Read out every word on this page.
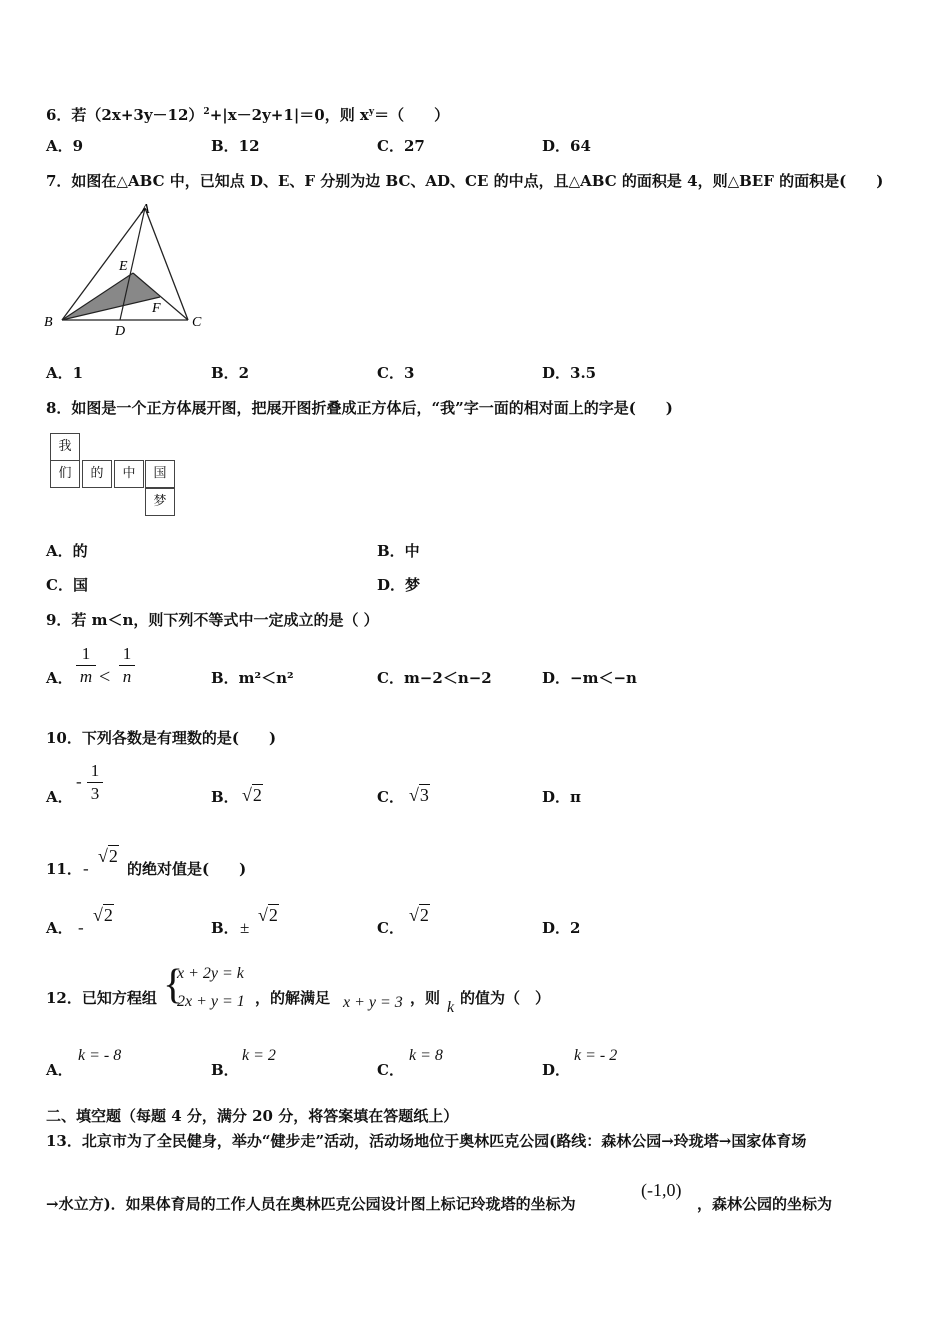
6．若$(2x+3y-12)^2+|x-2y+1|=0$，则 $x^y=$（　　）
A．9	B．12	C．27	D．64
7．如图在△ABC 中，已知点 D、E、F 分别为边 BC、AD、CE 的中点，且△ABC 的面积是 4，则△BEF 的面积是(　　)
A
B	C
D
E
F
A．1	B．2	C．3	D．3.5
8．如图是一个正方体展开图，把展开图折叠成正方体后，“我”字一面的相对面上的字是(　　)
我
们	的	中	国
梦
A．的	B．中
C．国	D．梦
9．若 m＜n，则下列不等式中一定成立的是（ ）
A．
1
m <
1
n	B．m²＜n²	C．m−2＜n−2	D．−m＜−n
10．下列各数是有理数的是(　　)
A．
-
1
3	B． √2	C． √3	D．π
11． -
√2
的绝对值是(　　)
A． -
√2
B． ±
√2
C．
√2
D．2
12．已知方程组 {
x + 2y = k
2x + y = 1 ，的解满足 x + y = 3 ，则
k
的值为（　）
A．
k = - 8
B．
k = 2
C．
k = 8
D．
k = - 2
二、填空题（每题 4 分，满分 20 分，将答案填在答题纸上）
13．北京市为了全民健身，举办“健步走”活动，活动场地位于奥林匹克公园(路线：森林公园→玲珑塔→国家体育场
→水立方)．如果体育局的工作人员在奥林匹克公园设计图上标记玲珑塔的坐标为
(-1,0)
，森林公园的坐标为
